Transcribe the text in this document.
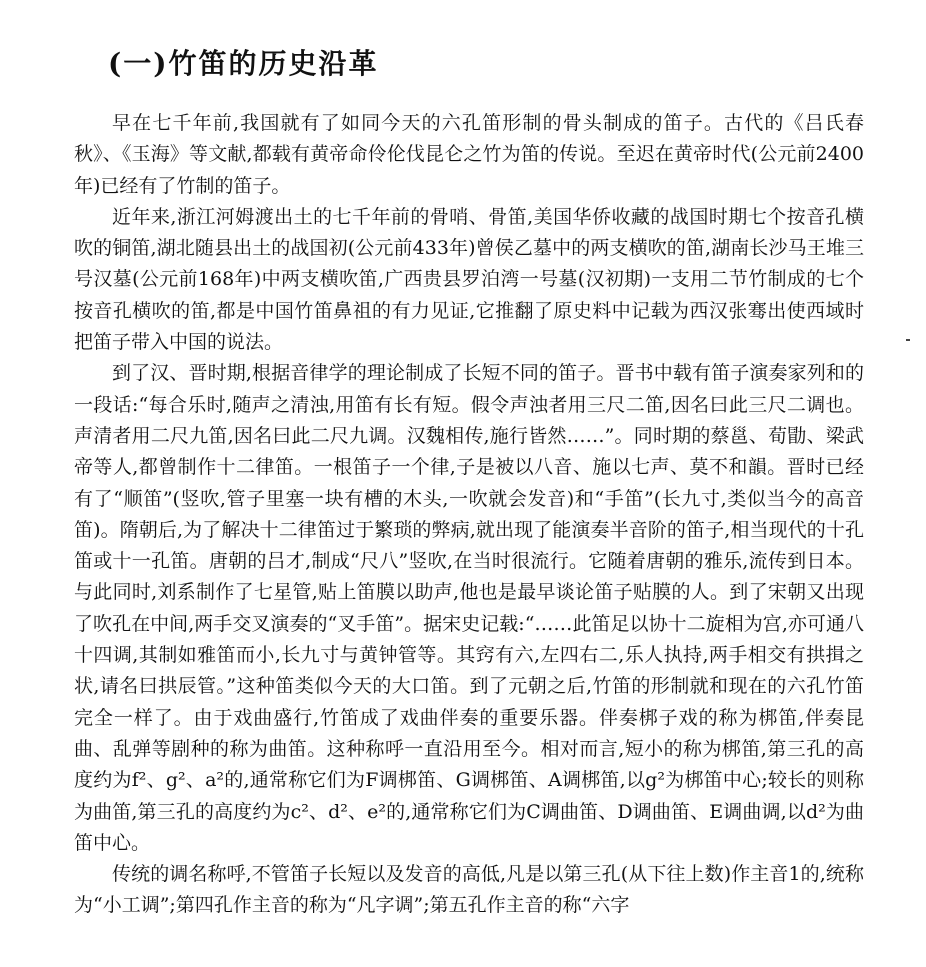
(一)竹笛的历史沿革

早在七千年前,我国就有了如同今天的六孔笛形制的骨头制成的笛子。古代的《吕氏春秋》、《玉海》等文献,都载有黄帝命伶伦伐昆仑之竹为笛的传说。至迟在黄帝时代(公元前2400年)已经有了竹制的笛子。

近年来,浙江河姆渡出土的七千年前的骨哨、骨笛,美国华侨收藏的战国时期七个按音孔横吹的铜笛,湖北随县出土的战国初(公元前433年)曾侯乙墓中的两支横吹的笛,湖南长沙马王堆三号汉墓(公元前168年)中两支横吹笛,广西贵县罗泊湾一号墓(汉初期)一支用二节竹制成的七个按音孔横吹的笛,都是中国竹笛鼻祖的有力见证,它推翻了原史料中记载为西汉张骞出使西域时把笛子带入中国的说法。

到了汉、晋时期,根据音律学的理论制成了长短不同的笛子。晋书中载有笛子演奏家列和的一段话:“每合乐时,随声之清浊,用笛有长有短。假令声浊者用三尺二笛,因名曰此三尺二调也。声清者用二尺九笛,因名曰此二尺九调。汉魏相传,施行皆然……”。同时期的蔡邕、荀勖、梁武帝等人,都曾制作十二律笛。一根笛子一个律,子是被以八音、施以七声、莫不和韻。晋时已经有了“顺笛”(竖吹,管子里塞一块有槽的木头,一吹就会发音)和“手笛”(长九寸,类似当今的高音笛)。隋朝后,为了解决十二律笛过于繁琐的弊病,就出现了能演奏半音阶的笛子,相当现代的十孔笛或十一孔笛。唐朝的吕才,制成“尺八”竖吹,在当时很流行。它随着唐朝的雅乐,流传到日本。与此同时,刘系制作了七星管,贴上笛膜以助声,他也是最早谈论笛子贴膜的人。到了宋朝又出现了吹孔在中间,两手交叉演奏的“叉手笛”。据宋史记载:“……此笛足以协十二旋相为宫,亦可通八十四调,其制如雅笛而小,长九寸与黄钟管等。其窍有六,左四右二,乐人执持,两手相交有拱揖之状,请名曰拱辰管。”这种笛类似今天的大口笛。到了元朝之后,竹笛的形制就和现在的六孔竹笛完全一样了。由于戏曲盛行,竹笛成了戏曲伴奏的重要乐器。伴奏梆子戏的称为梆笛,伴奏昆曲、乱弹等剧种的称为曲笛。这种称呼一直沿用至今。相对而言,短小的称为梆笛,第三孔的高度约为f²、g²、a²的,通常称它们为F调梆笛、G调梆笛、A调梆笛,以g²为梆笛中心;较长的则称为曲笛,第三孔的高度约为c²、d²、e²的,通常称它们为C调曲笛、D调曲笛、E调曲调,以d²为曲笛中心。

传统的调名称呼,不管笛子长短以及发音的高低,凡是以第三孔(从下往上数)作主音1的,统称为“小工调”;第四孔作主音的称为“凡字调”;第五孔作主音的称“六字
